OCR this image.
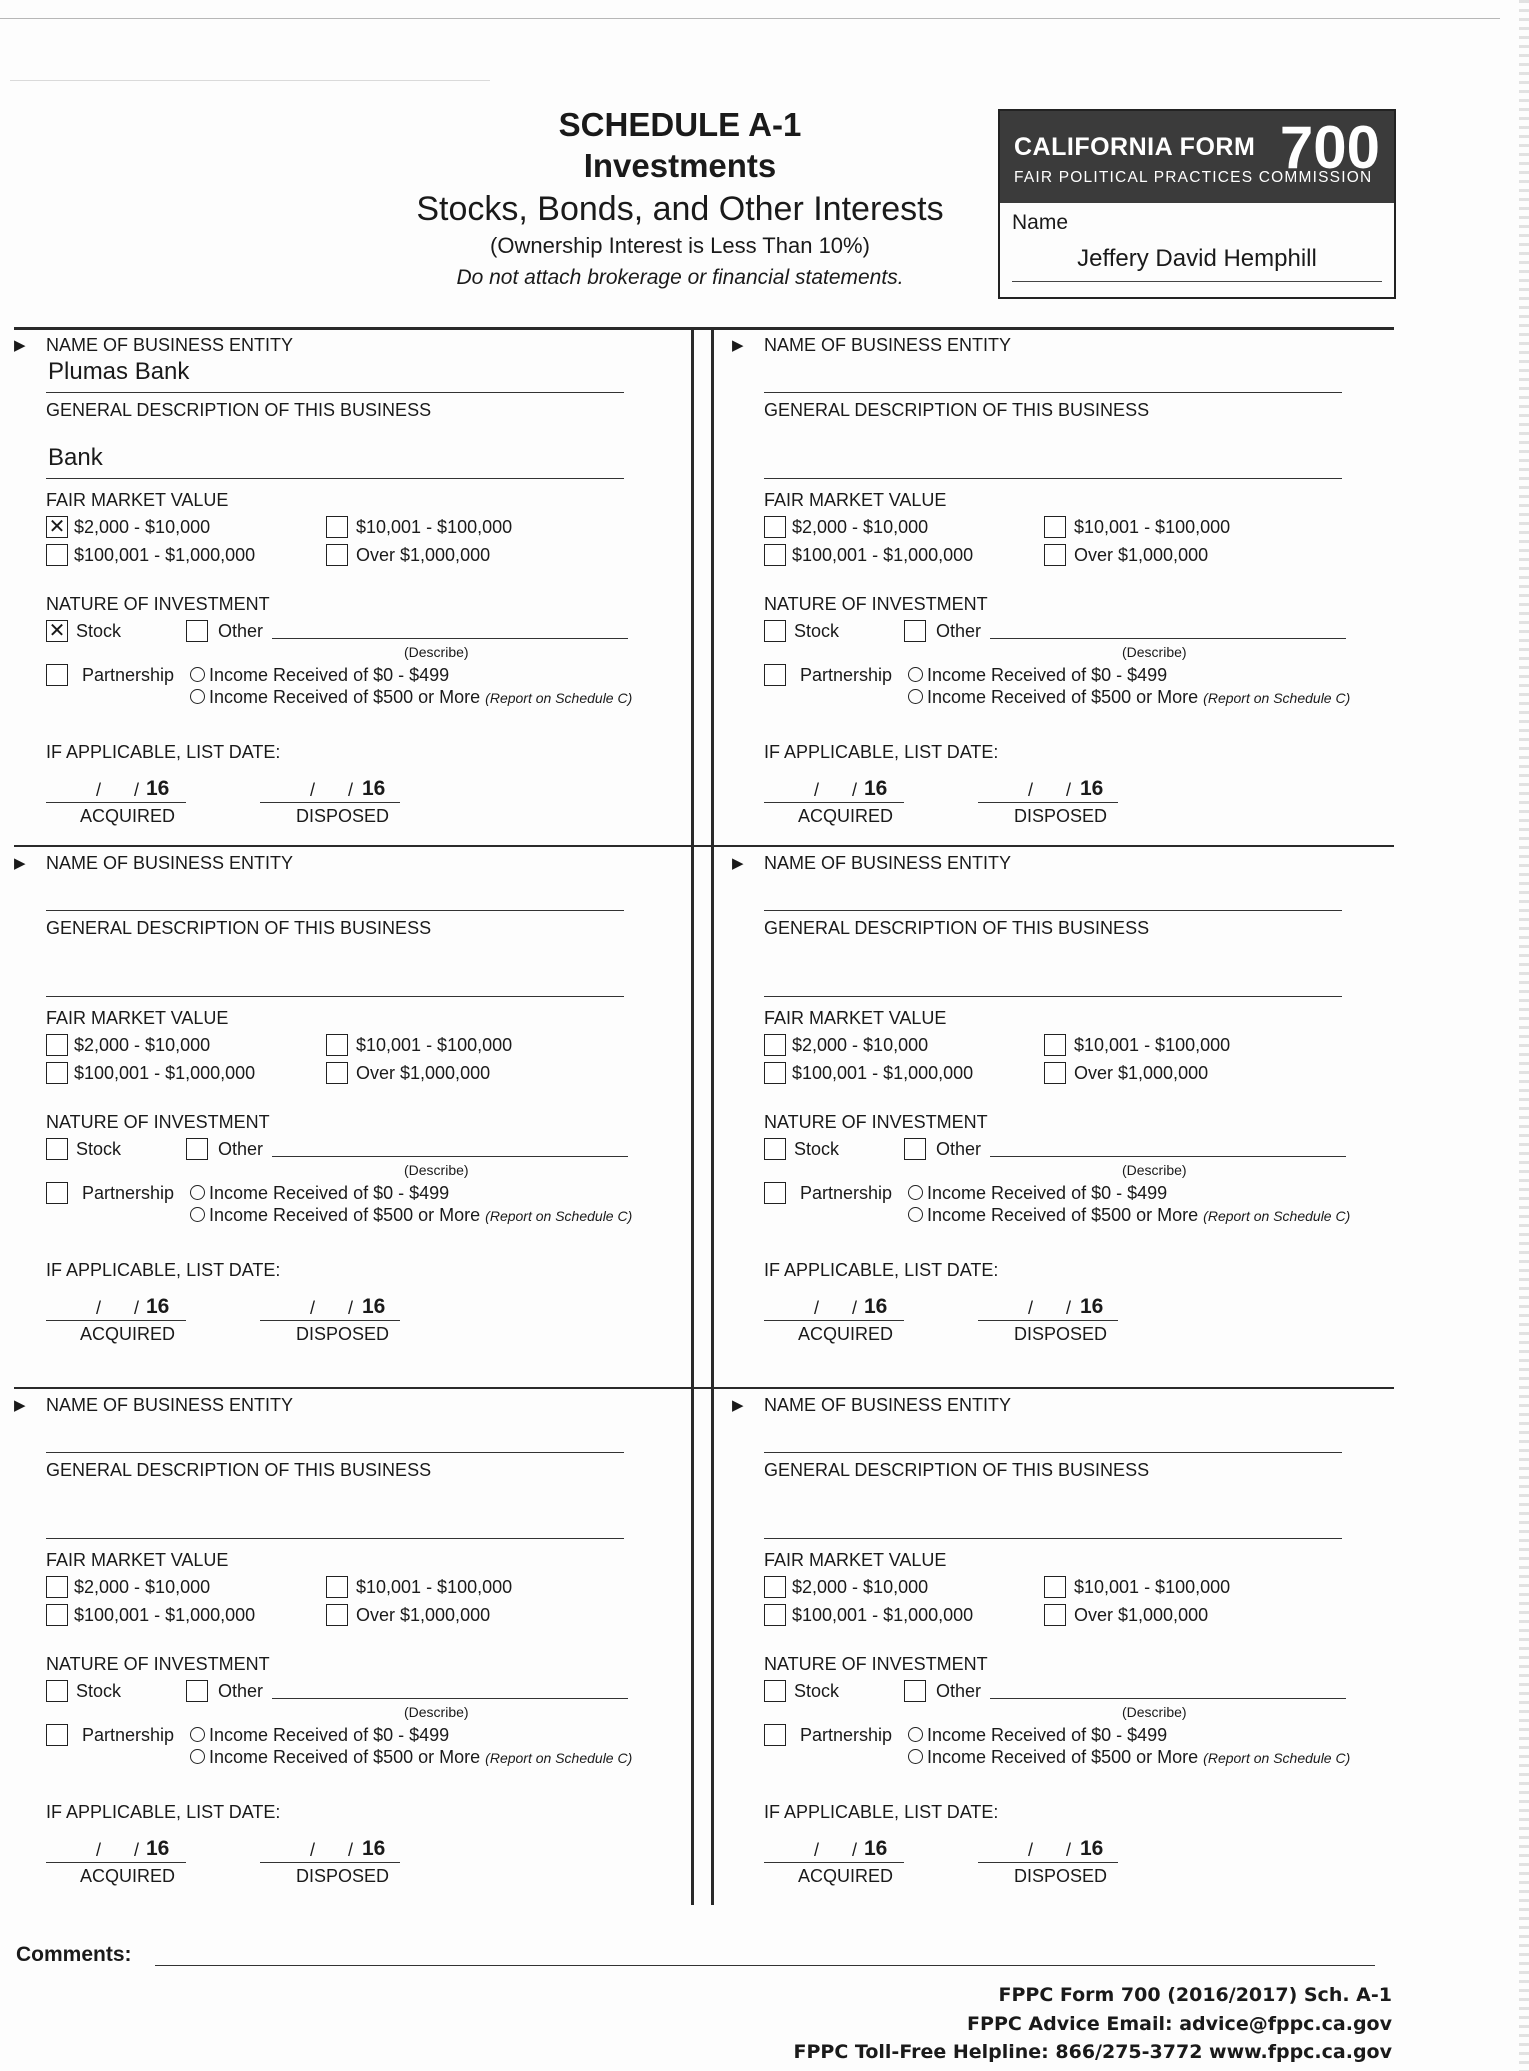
SCHEDULE A-1
Investments
Stocks, Bonds, and Other Interests
(Ownership Interest is Less Than 10%)
Do not attach brokerage or financial statements.
CALIFORNIA FORM 700
FAIR POLITICAL PRACTICES COMMISSION
Name
Jeffery David Hemphill
▶ NAME OF BUSINESS ENTITY
Plumas Bank
GENERAL DESCRIPTION OF THIS BUSINESS
Bank
FAIR MARKET VALUE
✕ $2,000 - $10,000	$10,001 - $100,000
$100,001 - $1,000,000	Over $1,000,000
NATURE OF INVESTMENT
✕ Stock	Other
(Describe)
Partnership	Income Received of $0 - $499
Income Received of $500 or More (Report on Schedule C)
IF APPLICABLE, LIST DATE:
/ / 16
ACQUIRED
/ / 16
DISPOSED
▶ NAME OF BUSINESS ENTITY
GENERAL DESCRIPTION OF THIS BUSINESS
FAIR MARKET VALUE
$2,000 - $10,000	$10,001 - $100,000
$100,001 - $1,000,000	Over $1,000,000
NATURE OF INVESTMENT
Stock	Other
(Describe)
Partnership	Income Received of $0 - $499
Income Received of $500 or More (Report on Schedule C)
IF APPLICABLE, LIST DATE:
/ / 16
ACQUIRED
/ / 16
DISPOSED
▶ NAME OF BUSINESS ENTITY
GENERAL DESCRIPTION OF THIS BUSINESS
FAIR MARKET VALUE
$2,000 - $10,000	$10,001 - $100,000
$100,001 - $1,000,000	Over $1,000,000
NATURE OF INVESTMENT
Stock	Other
(Describe)
Partnership	Income Received of $0 - $499
Income Received of $500 or More (Report on Schedule C)
IF APPLICABLE, LIST DATE:
/ / 16
ACQUIRED
/ / 16
DISPOSED
▶ NAME OF BUSINESS ENTITY
GENERAL DESCRIPTION OF THIS BUSINESS
FAIR MARKET VALUE
$2,000 - $10,000	$10,001 - $100,000
$100,001 - $1,000,000	Over $1,000,000
NATURE OF INVESTMENT
Stock	Other
(Describe)
Partnership	Income Received of $0 - $499
Income Received of $500 or More (Report on Schedule C)
IF APPLICABLE, LIST DATE:
/ / 16
ACQUIRED
/ / 16
DISPOSED
▶ NAME OF BUSINESS ENTITY
GENERAL DESCRIPTION OF THIS BUSINESS
FAIR MARKET VALUE
$2,000 - $10,000	$10,001 - $100,000
$100,001 - $1,000,000	Over $1,000,000
NATURE OF INVESTMENT
Stock	Other
(Describe)
Partnership	Income Received of $0 - $499
Income Received of $500 or More (Report on Schedule C)
IF APPLICABLE, LIST DATE:
/ / 16
ACQUIRED
/ / 16
DISPOSED
▶ NAME OF BUSINESS ENTITY
GENERAL DESCRIPTION OF THIS BUSINESS
FAIR MARKET VALUE
$2,000 - $10,000	$10,001 - $100,000
$100,001 - $1,000,000	Over $1,000,000
NATURE OF INVESTMENT
Stock	Other
(Describe)
Partnership	Income Received of $0 - $499
Income Received of $500 or More (Report on Schedule C)
IF APPLICABLE, LIST DATE:
/ / 16
ACQUIRED
/ / 16
DISPOSED
Comments:
FPPC Form 700 (2016/2017) Sch. A-1
FPPC Advice Email: advice@fppc.ca.gov
FPPC Toll-Free Helpline: 866/275-3772 www.fppc.ca.gov
